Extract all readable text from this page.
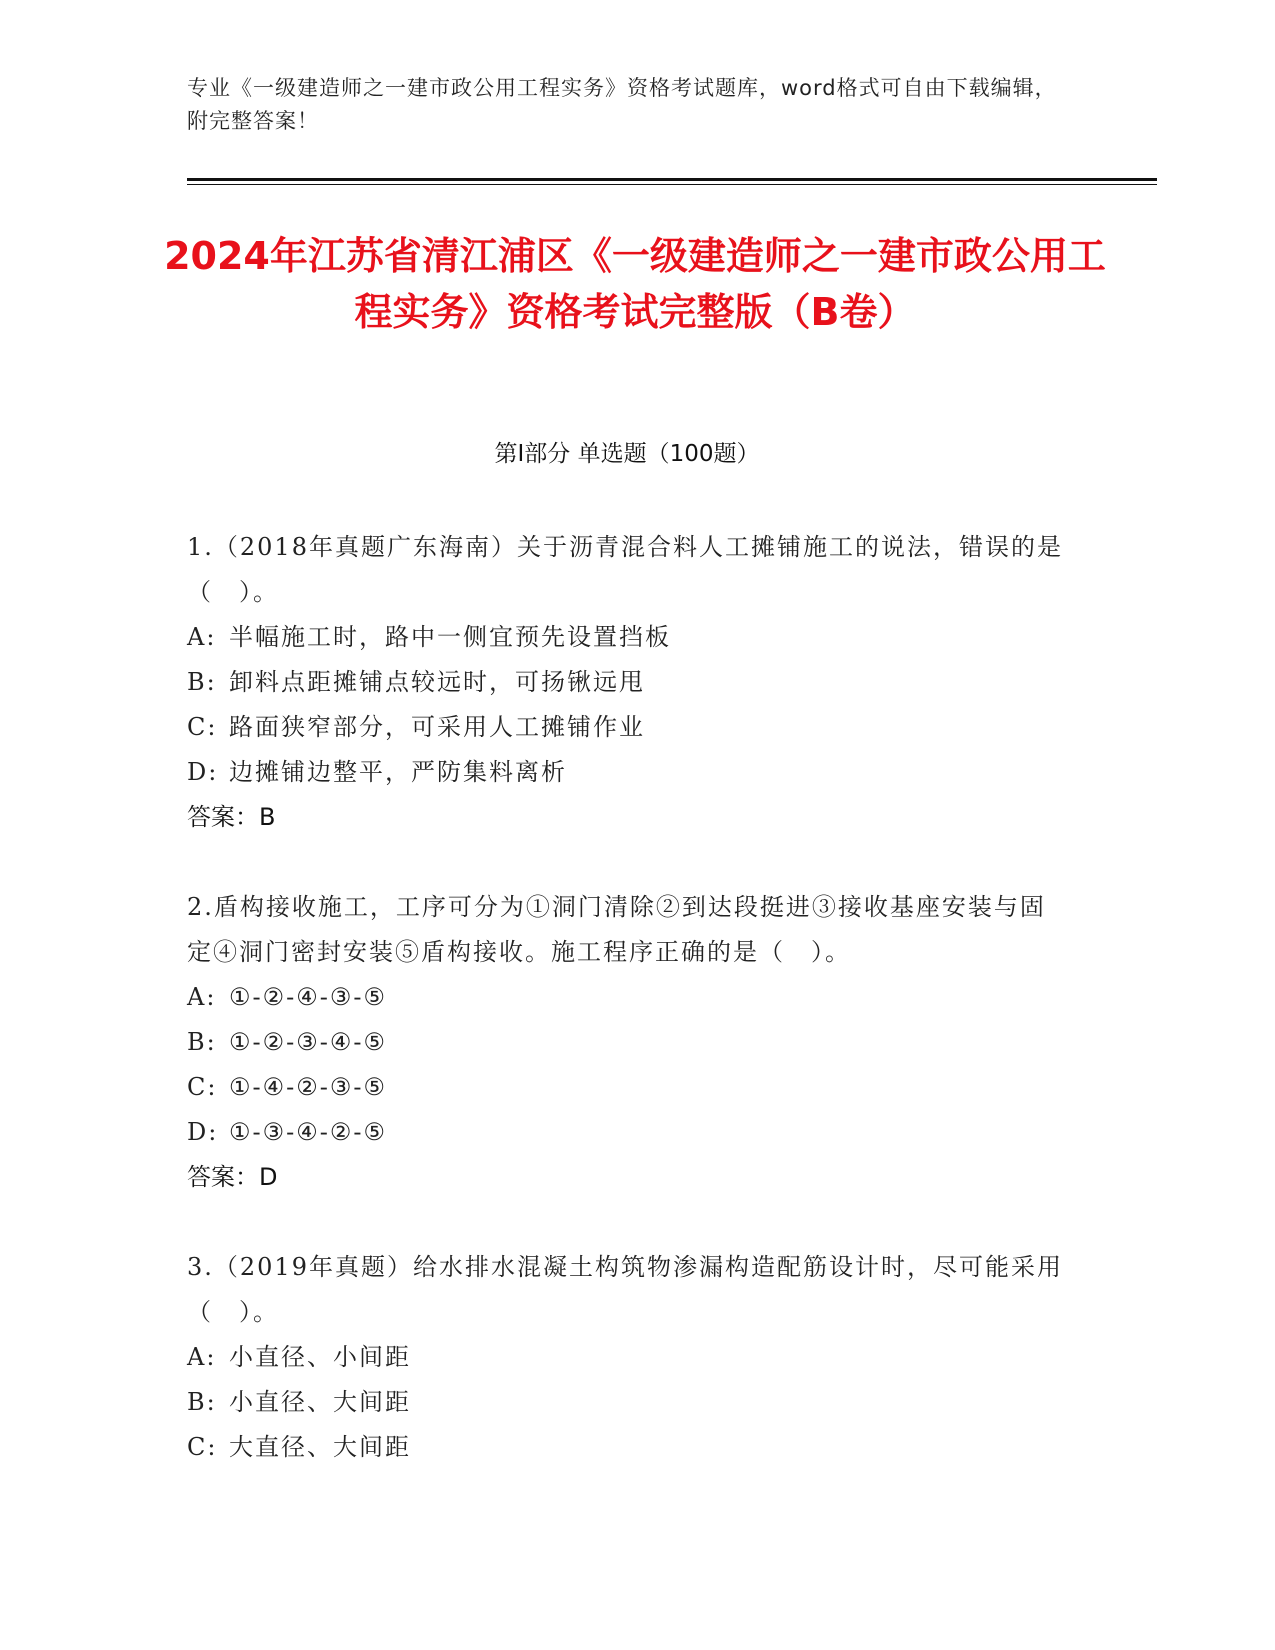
专业《一级建造师之一建市政公用工程实务》资格考试题库，word格式可自由下载编辑，附完整答案！
2024年江苏省清江浦区《一级建造师之一建市政公用工程实务》资格考试完整版（B卷）
第Ⅰ部分 单选题（100题）
1.（2018年真题广东海南）关于沥青混合料人工摊铺施工的说法，错误的是（　）。
A: 半幅施工时，路中一侧宜预先设置挡板
B: 卸料点距摊铺点较远时，可扬锹远甩
C: 路面狭窄部分，可采用人工摊铺作业
D: 边摊铺边整平，严防集料离析
答案：B
2.盾构接收施工，工序可分为①洞门清除②到达段挺进③接收基座安装与固定④洞门密封安装⑤盾构接收。施工程序正确的是（　）。
A: ①-②-④-③-⑤
B: ①-②-③-④-⑤
C: ①-④-②-③-⑤
D: ①-③-④-②-⑤
答案：D
3.（2019年真题）给水排水混凝土构筑物渗漏构造配筋设计时，尽可能采用（　）。
A: 小直径、小间距
B: 小直径、大间距
C: 大直径、大间距
